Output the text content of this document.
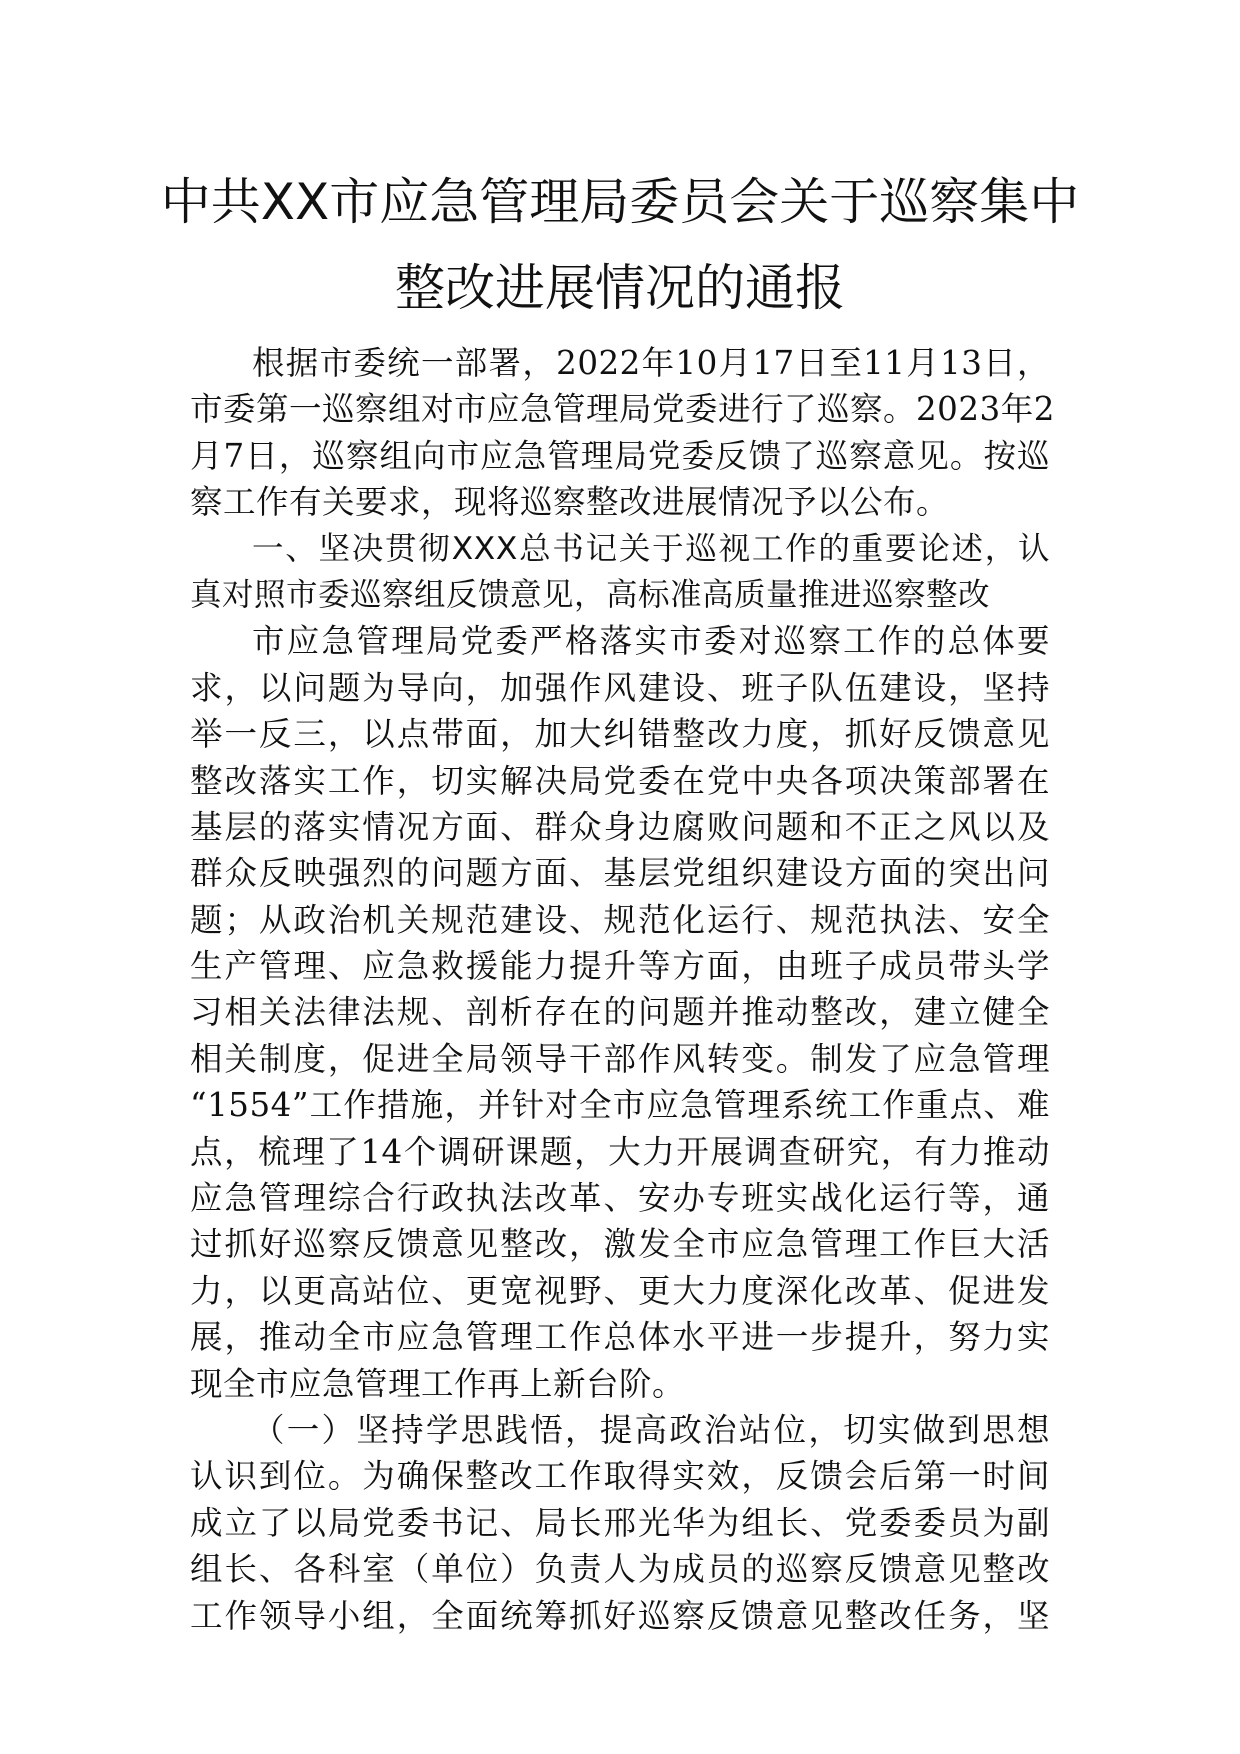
中共XX市应急管理局委员会关于巡察集中
整改进展情况的通报
根据市委统一部署，2022年10月17日至11月13日，
市委第一巡察组对市应急管理局党委进行了巡察。2023年2
月7日，巡察组向市应急管理局党委反馈了巡察意见。按巡
察工作有关要求，现将巡察整改进展情况予以公布。
一、坚决贯彻XXX总书记关于巡视工作的重要论述，认
真对照市委巡察组反馈意见，高标准高质量推进巡察整改
市应急管理局党委严格落实市委对巡察工作的总体要
求，以问题为导向，加强作风建设、班子队伍建设，坚持
举一反三，以点带面，加大纠错整改力度，抓好反馈意见
整改落实工作，切实解决局党委在党中央各项决策部署在
基层的落实情况方面、群众身边腐败问题和不正之风以及
群众反映强烈的问题方面、基层党组织建设方面的突出问
题；从政治机关规范建设、规范化运行、规范执法、安全
生产管理、应急救援能力提升等方面，由班子成员带头学
习相关法律法规、剖析存在的问题并推动整改，建立健全
相关制度，促进全局领导干部作风转变。制发了应急管理
“1554”工作措施，并针对全市应急管理系统工作重点、难
点，梳理了14个调研课题，大力开展调查研究，有力推动
应急管理综合行政执法改革、安办专班实战化运行等，通
过抓好巡察反馈意见整改，激发全市应急管理工作巨大活
力，以更高站位、更宽视野、更大力度深化改革、促进发
展，推动全市应急管理工作总体水平进一步提升，努力实
现全市应急管理工作再上新台阶。
（一）坚持学思践悟，提高政治站位，切实做到思想
认识到位。为确保整改工作取得实效，反馈会后第一时间
成立了以局党委书记、局长邢光华为组长、党委委员为副
组长、各科室（单位）负责人为成员的巡察反馈意见整改
工作领导小组，全面统筹抓好巡察反馈意见整改任务，坚
